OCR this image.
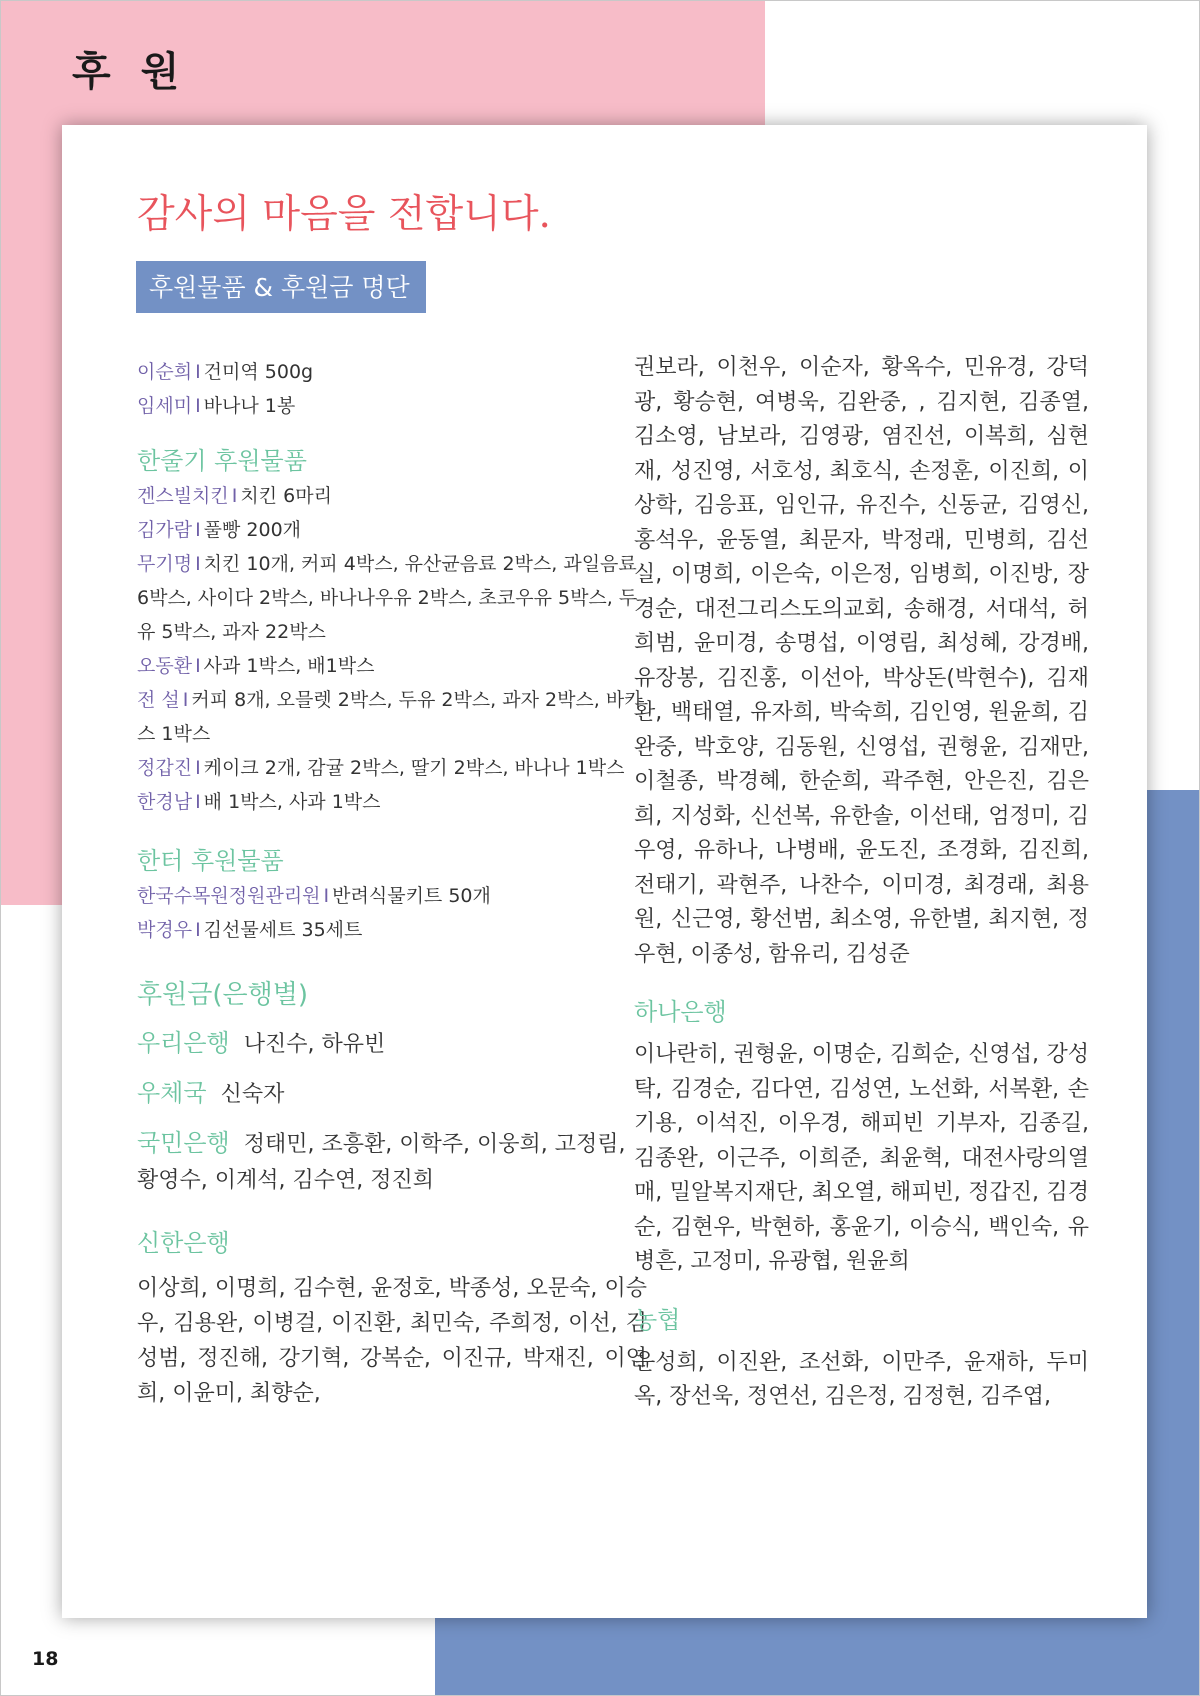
후 원
감사의 마음을 전합니다.
후원물품 & 후원금 명단
이순희 I 건미역 500g
임세미 I 바나나 1봉
한줄기 후원물품
겐스빌치킨 I 치킨 6마리
김가람 I 풀빵 200개
무기명 I 치킨 10개, 커피 4박스, 유산균음료 2박스, 과일음료 6박스, 사이다 2박스, 바나나우유 2박스, 초코우유 5박스, 두유 5박스, 과자 22박스
오동환 I 사과 1박스, 배1박스
전 설 I 커피 8개, 오믈렛 2박스, 두유 2박스, 과자 2박스, 바카스 1박스
정갑진 I 케이크 2개, 감귤 2박스, 딸기 2박스, 바나나 1박스
한경남 I 배 1박스, 사과 1박스
한터 후원물품
한국수목원정원관리원 I 반려식물키트 50개
박경우 I 김선물세트 35세트
후원금(은행별)
우리은행 나진수, 하유빈
우체국 신숙자
국민은행 정태민, 조흥환, 이학주, 이웅희, 고정림, 황영수, 이계석, 김수연, 정진희
신한은행

이상희, 이명희, 김수현, 윤정호, 박종성, 오문숙, 이승우, 김용완, 이병걸, 이진환, 최민숙, 주희정, 이선, 김성범, 정진해, 강기혁, 강복순, 이진규, 박재진, 이연희, 이윤미, 최향순,

권보라, 이천우, 이순자, 황옥수, 민유경, 강덕광, 황승현, 여병욱, 김완중, , 김지현, 김종열, 김소영, 남보라, 김영광, 염진선, 이복희, 심현재, 성진영, 서호성, 최호식, 손정훈, 이진희, 이상학, 김응표, 임인규, 유진수, 신동균, 김영신, 홍석우, 윤동열, 최문자, 박정래, 민병희, 김선실, 이명희, 이은숙, 이은정, 임병희, 이진방, 장경순, 대전그리스도의교회, 송해경, 서대석, 허희범, 윤미경, 송명섭, 이영림, 최성혜, 강경배, 유장봉, 김진홍, 이선아, 박상돈(박현수), 김재환, 백태열, 유자희, 박숙희, 김인영, 원윤희, 김완중, 박호양, 김동원, 신영섭, 권형윤, 김재만, 이철종, 박경혜, 한순희, 곽주현, 안은진, 김은희, 지성화, 신선복, 유한솔, 이선태, 엄정미, 김우영, 유하나, 나병배, 윤도진, 조경화, 김진희, 전태기, 곽현주, 나찬수, 이미경, 최경래, 최용원, 신근영, 황선범, 최소영, 유한별, 최지현, 정우현, 이종성, 함유리, 김성준

하나은행

이나란히, 권형윤, 이명순, 김희순, 신영섭, 강성탁, 김경순, 김다연, 김성연, 노선화, 서복환, 손기용, 이석진, 이우경, 해피빈 기부자, 김종길, 김종완, 이근주, 이희준, 최윤혁, 대전사랑의열매, 밀알복지재단, 최오열, 해피빈, 정갑진, 김경순, 김현우, 박현하, 홍윤기, 이승식, 백인숙, 유병흔, 고정미, 유광협, 원윤희

농협

윤성희, 이진완, 조선화, 이만주, 윤재하, 두미옥, 장선욱, 정연선, 김은정, 김정현, 김주엽,

18
